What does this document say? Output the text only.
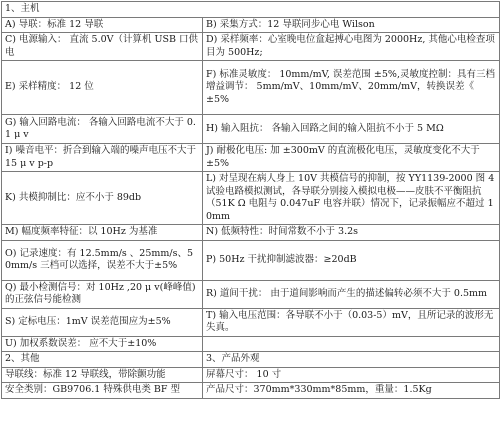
1、主机	
A) 导联：标准 12 导联	B) 采集方式：12 导联同步心电 Wilson
C) 电源输入： 直流 5.0V（计算机 USB 口供电	D) 采样频率：心室晚电位盒起搏心电图为 2000Hz, 其他心电检查项目为 500Hz;
E) 采样精度： 12 位	F) 标准灵敏度： 10mm/mV, 误差范围 ±5%,灵敏度控制：具有三档增益调节： 5mm/mV、10mm/mV、20mm/mV，转换误差《 ±5%
G) 输入回路电流： 各输入回路电流不大于 0.1 μ v	H) 输入阻抗： 各输入回路之间的输入阻抗不小于 5 MΩ
I) 噪音电平：折合到输入端的噪声电压不大于 15 μ v p-p	J) 耐极化电压: 加 ±300mV 的直流极化电压，灵敏度变化不大于 ±5%
K) 共模抑制比：应不小于 89db	L) 对呈现在病人身上 10V 共模信号的抑制，按 YY1139-2000 图 4 试验电路模拟测试，各导联分别接入模拟电极——皮肤不平衡阻抗（51K Ω 电阻与 0.047uF 电容并联）情况下，记录振幅应不超过 10mm
M) 幅度频率特征：以 10Hz 为基准	N) 低频特性：时间常数不小于 3.2s
O) 记录速度：有 12.5mm/s 、25mm/s、50mm/s 三档可以选择，误差不大于±5%	P) 50Hz 干扰抑制滤波器：≥20dB
Q) 最小检测信号：对 10Hz ,20 μ v(峰峰值)的正弦信号能检测	R) 道间干扰： 由于道间影响而产生的描述偏转必须不大于 0.5mm
S) 定标电压：1mV 误差范围应为±5%	T) 输入电压范围：各导联不小于（0.03-5）mV，且所记录的波形无失真。
U) 加权系数误差： 应不大于±10%	
2、其他	3、产品外观
导联线：标准 12 导联线，带除颤功能	屏幕尺寸： 10 寸
安全类别：GB9706.1 特殊供电类 BF 型	产品尺寸：370mm*330mm*85mm，重量：1.5Kg
